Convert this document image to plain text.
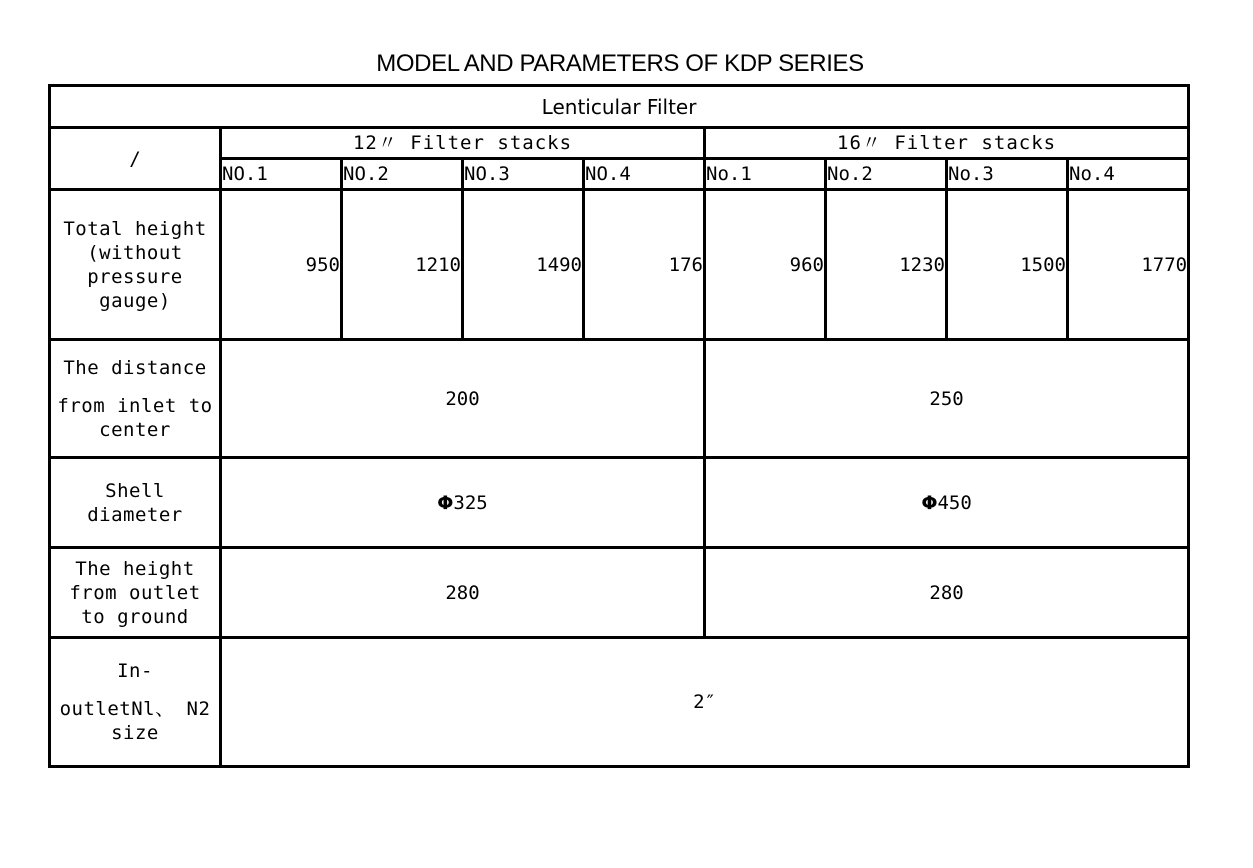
MODEL AND PARAMETERS OF KDP SERIES
Lenticular Filter								
/	12〃 Filter stacks				16〃 Filter stacks			
	NO.1	NO.2	NO.3	NO.4	No.1	No.2	No.3	No.4

Total height
(without
pressure
gauge)	950	1210	1490	176	960	1230	1500	1770

The distance
from inlet to
center	200				250			

Shell
diameter	Φ325				Φ450			

The height
from outlet
to ground	280				280			

In-
outletNl、 N2
size	2″							
